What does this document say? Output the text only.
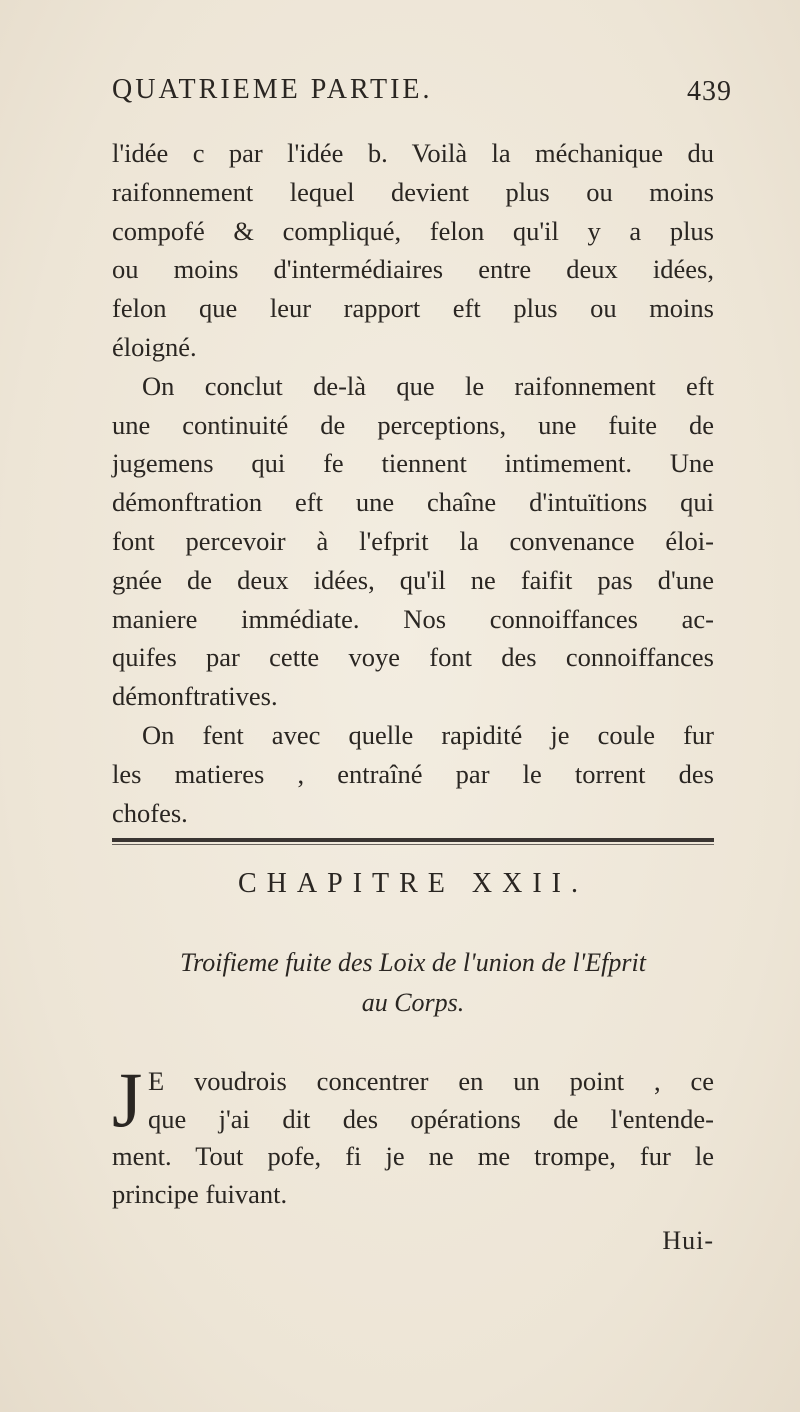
QUATRIEME PARTIE.	439
l'idée c par l'idée b. Voilà la méchanique du
raifonnement lequel devient plus ou moins
compofé & compliqué, felon qu'il y a plus
ou moins d'intermédiaires entre deux idées,
felon que leur rapport eft plus ou moins
éloigné.
On conclut de-là que le raifonnement eft
une continuité de perceptions, une fuite de
jugemens qui fe tiennent intimement. Une
démonftration eft une chaîne d'intuïtions qui
font percevoir à l'efprit la convenance éloi-
gnée de deux idées, qu'il ne faifit pas d'une
maniere immédiate. Nos connoiffances ac-
quifes par cette voye font des connoiffances
démonftratives.
On fent avec quelle rapidité je coule fur
les matieres , entraîné par le torrent des
chofes.
CHAPITRE XXII.
Troifieme fuite des Loix de l'union de l'Efprit
au Corps.
J E voudrois concentrer en un point , ce
que j'ai dit des opérations de l'entende-
ment. Tout pofe, fi je ne me trompe, fur le
principe fuivant.
Hui-
